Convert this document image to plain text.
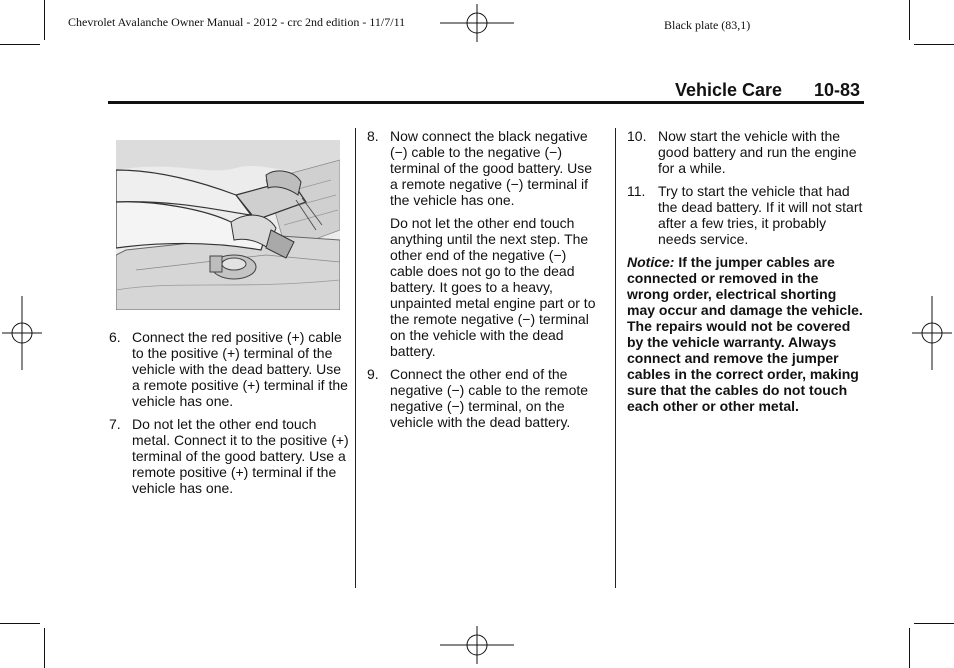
Chevrolet Avalanche Owner Manual - 2012 - crc 2nd edition - 11/7/11	Black plate (83,1)
Vehicle Care 10-83
6. Connect the red positive (+) cable to the positive (+) terminal of the vehicle with the dead battery. Use a remote positive (+) terminal if the vehicle has one.
7. Do not let the other end touch metal. Connect it to the positive (+) terminal of the good battery. Use a remote positive (+) terminal if the vehicle has one.
8. Now connect the black negative (−) cable to the negative (−) terminal of the good battery. Use a remote negative (−) terminal if the vehicle has one.
Do not let the other end touch anything until the next step. The other end of the negative (−) cable does not go to the dead battery. It goes to a heavy, unpainted metal engine part or to the remote negative (−) terminal on the vehicle with the dead battery.
9. Connect the other end of the negative (−) cable to the remote negative (−) terminal, on the vehicle with the dead battery.
10. Now start the vehicle with the good battery and run the engine for a while.
11. Try to start the vehicle that had the dead battery. If it will not start after a few tries, it probably needs service.
Notice: If the jumper cables are connected or removed in the wrong order, electrical shorting may occur and damage the vehicle. The repairs would not be covered by the vehicle warranty. Always connect and remove the jumper cables in the correct order, making sure that the cables do not touch each other or other metal.
